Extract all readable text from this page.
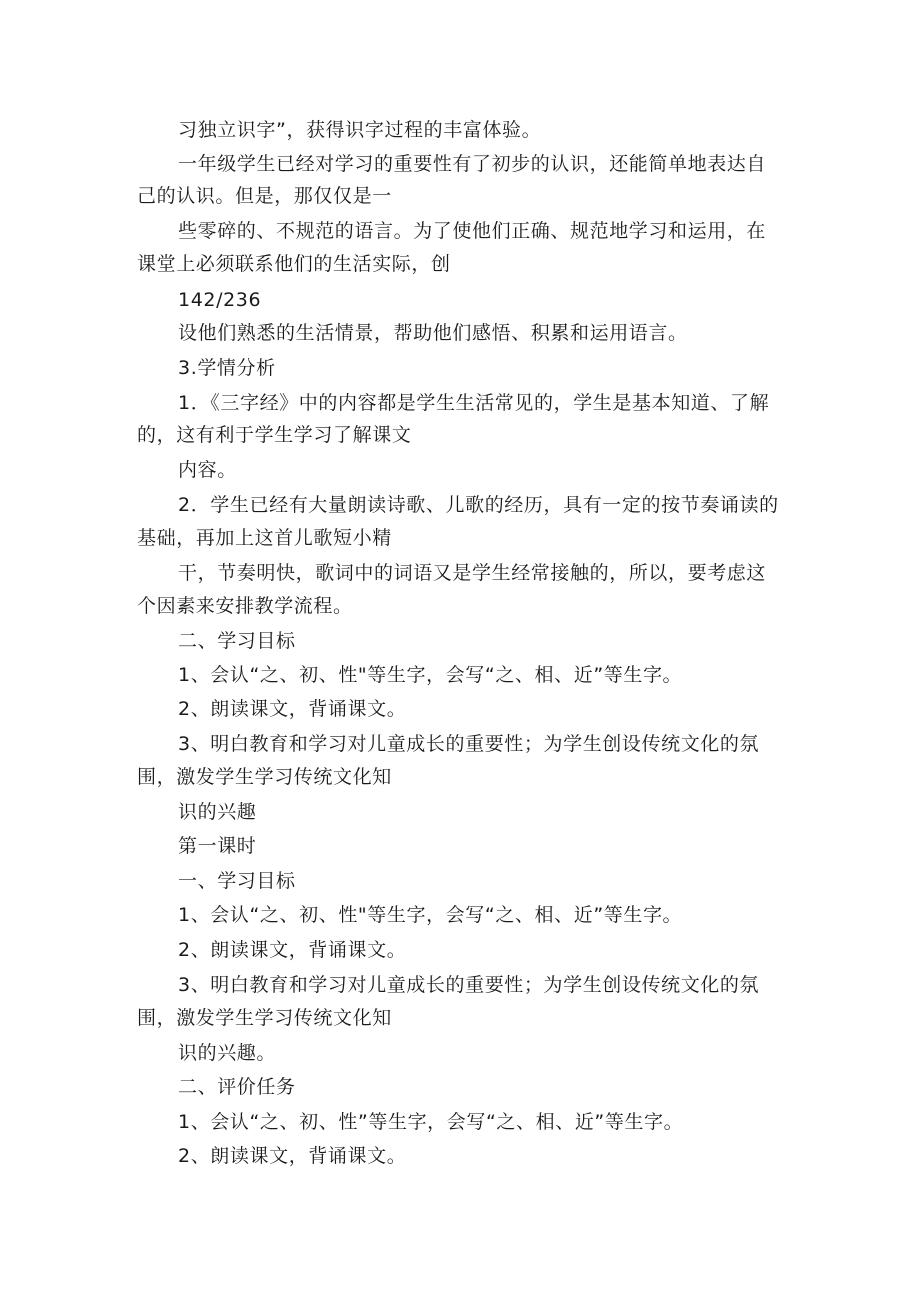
习独立识字”，获得识字过程的丰富体验。

一年级学生已经对学习的重要性有了初步的认识，还能简单地表达自

己的认识。但是，那仅仅是一

些零碎的、不规范的语言。为了使他们正确、规范地学习和运用，在

课堂上必须联系他们的生活实际，创

142/236

设他们熟悉的生活情景，帮助他们感悟、积累和运用语言。

3.学情分析

1．《三字经》中的内容都是学生生活常见的，学生是基本知道、了解

的，这有利于学生学习了解课文

内容。

2．学生已经有大量朗读诗歌、儿歌的经历，具有一定的按节奏诵读的

基础，再加上这首儿歌短小精

干，节奏明快，歌词中的词语又是学生经常接触的，所以，要考虑这

个因素来安排教学流程。

二、学习目标

1、会认“之、初、性"等生字，会写“之、相、近”等生字。

2、朗读课文，背诵课文。

3、明白教育和学习对儿童成长的重要性；为学生创设传统文化的氛

围，激发学生学习传统文化知

识的兴趣

第一课时

一、学习目标

1、会认“之、初、性"等生字，会写“之、相、近”等生字。

2、朗读课文，背诵课文。

3、明白教育和学习对儿童成长的重要性；为学生创设传统文化的氛

围，激发学生学习传统文化知

识的兴趣。

二、评价任务

1、会认“之、初、性”等生字，会写“之、相、近”等生字。

2、朗读课文，背诵课文。
